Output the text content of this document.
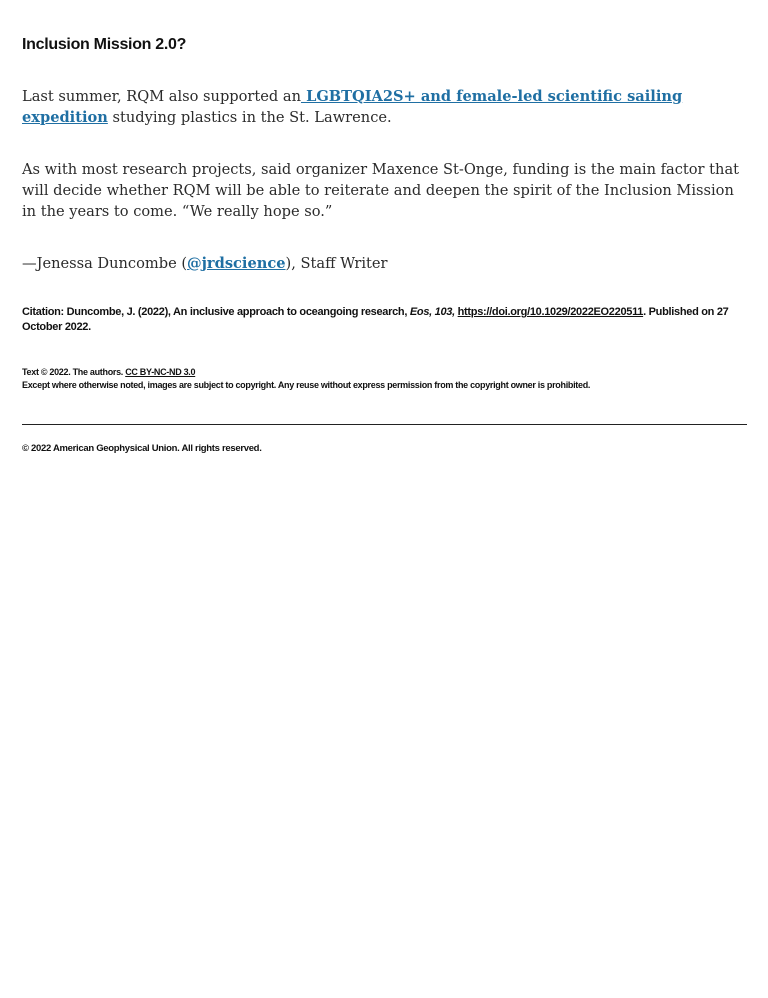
Inclusion Mission 2.0?

Last summer, RQM also supported an LGBTQIA2S+ and female-led scientific sailing expedition studying plastics in the St. Lawrence.

As with most research projects, said organizer Maxence St-Onge, funding is the main factor that will decide whether RQM will be able to reiterate and deepen the spirit of the Inclusion Mission in the years to come. “We really hope so.”

—Jenessa Duncombe (@jrdscience), Staff Writer

Citation: Duncombe, J. (2022), An inclusive approach to oceangoing research, Eos, 103, https://doi.org/10.1029/2022EO220511. Published on 27 October 2022.
Text © 2022. The authors. CC BY-NC-ND 3.0
Except where otherwise noted, images are subject to copyright. Any reuse without express permission from the copyright owner is prohibited.
© 2022 American Geophysical Union. All rights reserved.
